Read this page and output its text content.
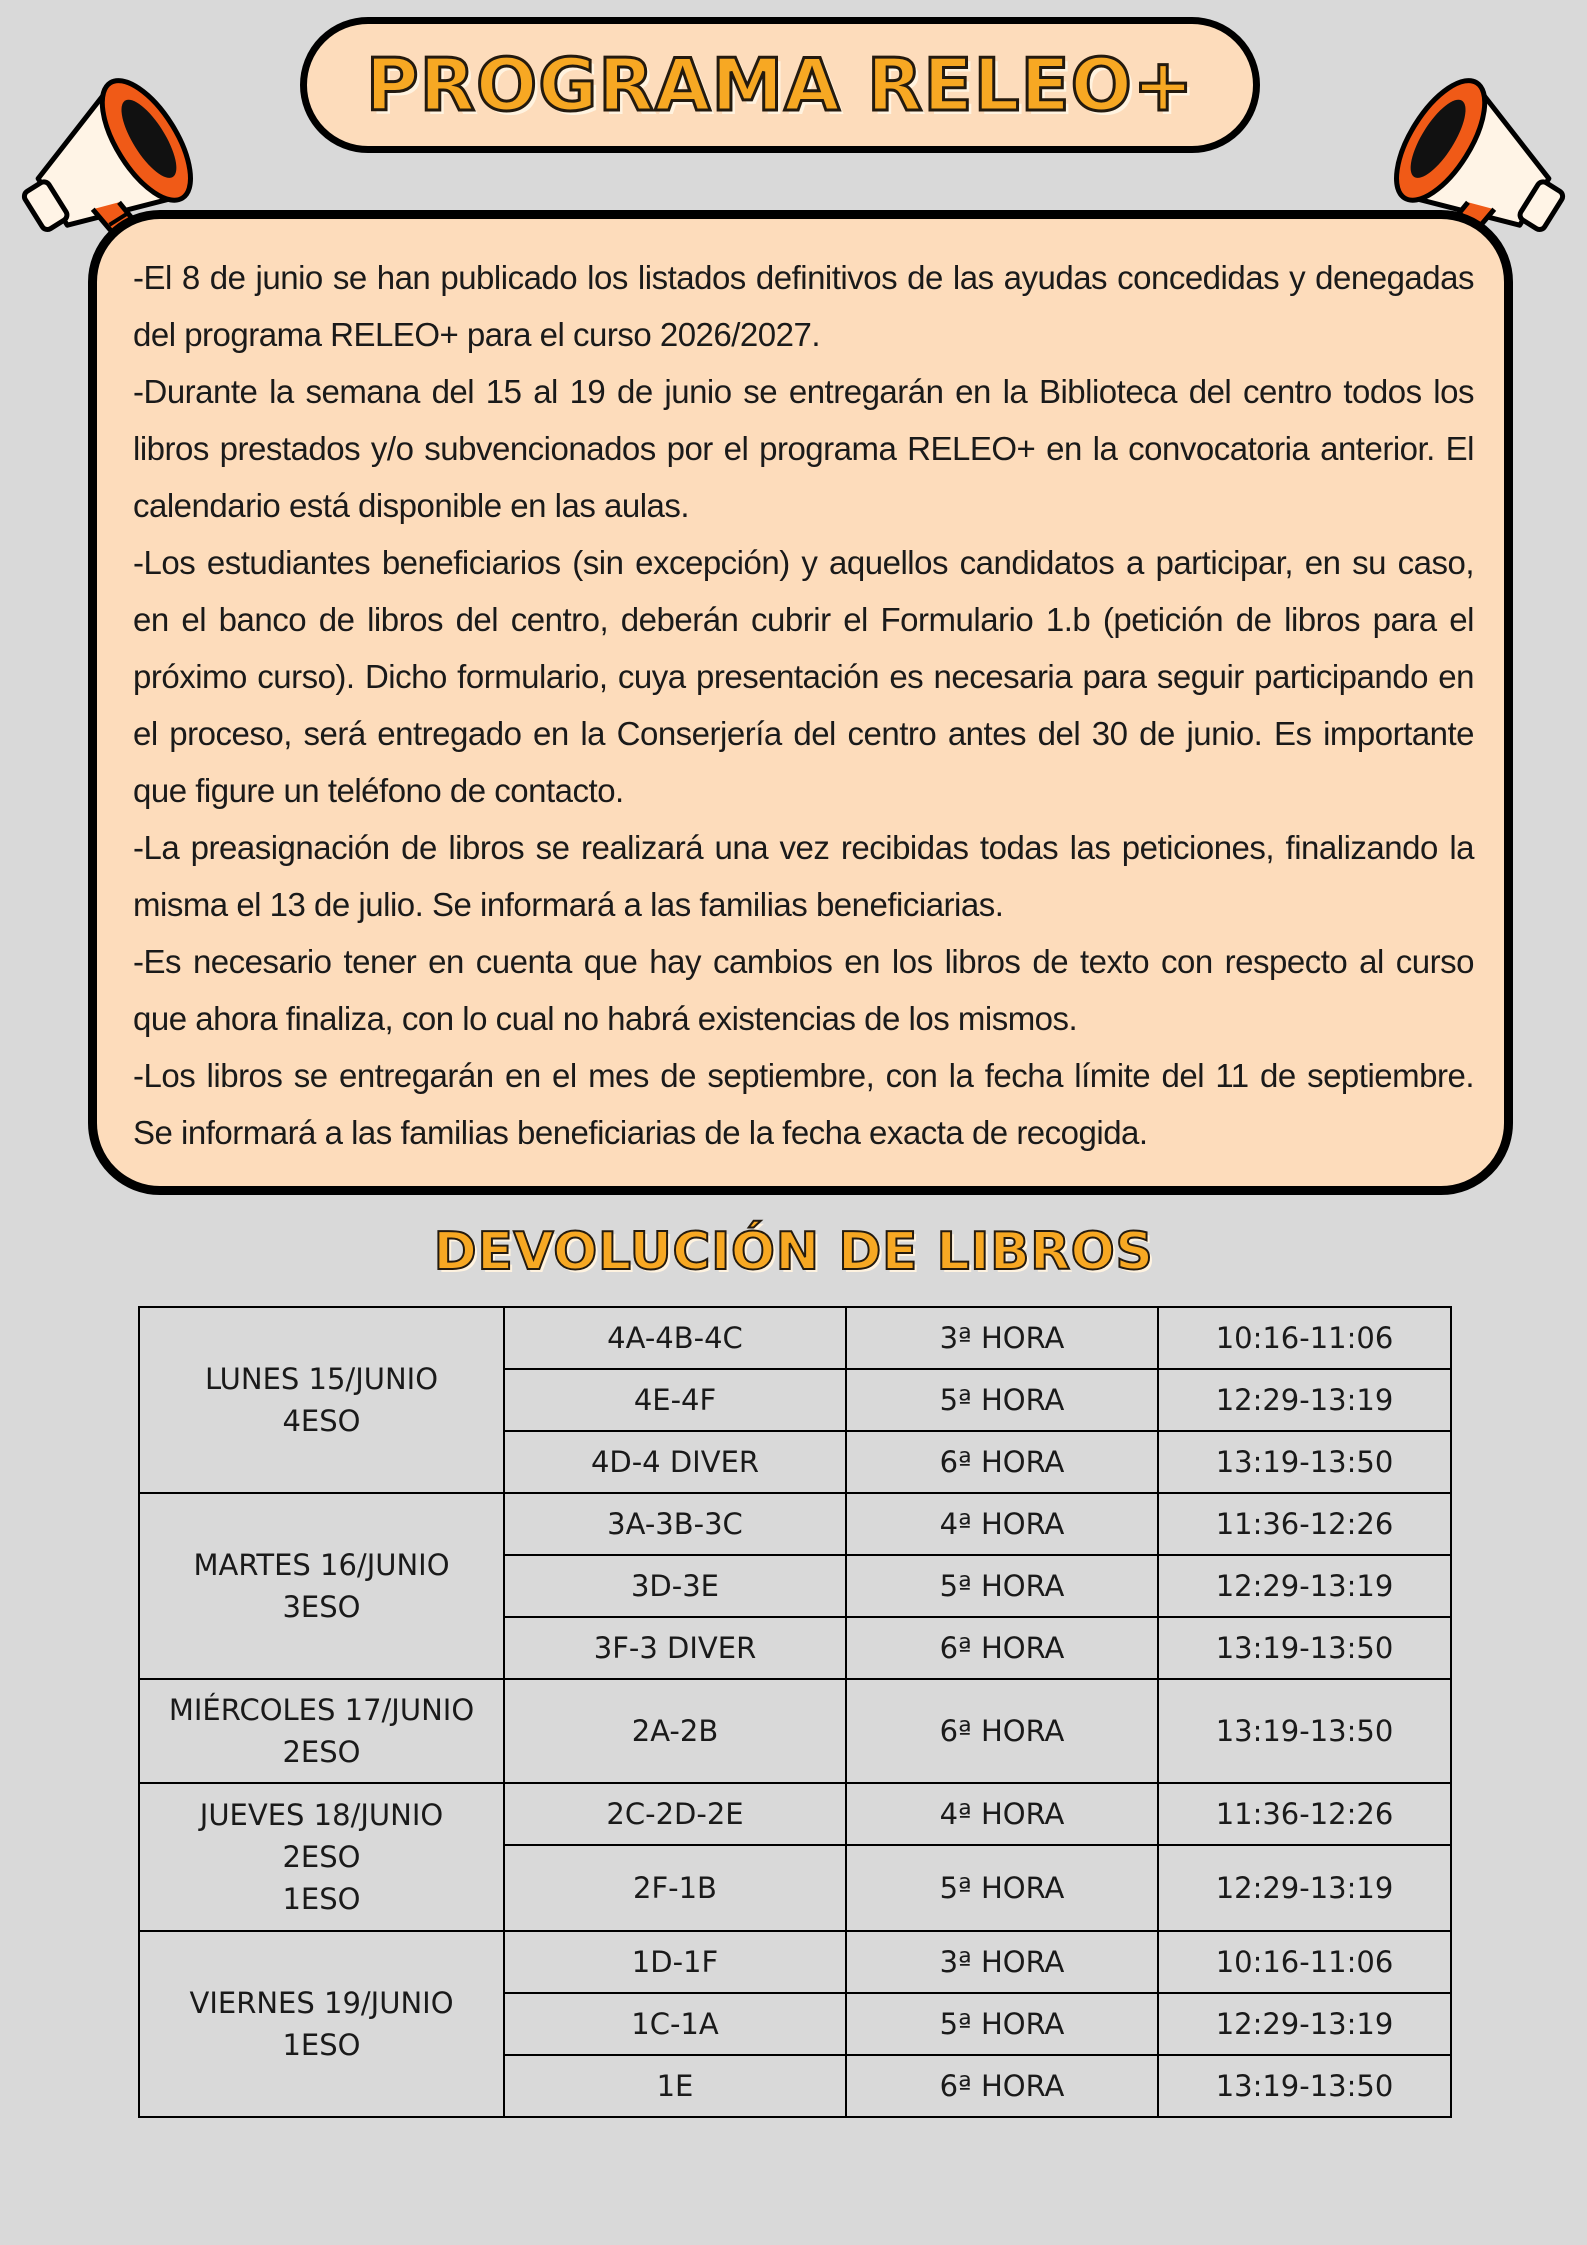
PROGRAMA RELEO+

-El 8 de junio se han publicado los listados definitivos de las ayudas concedidas y denegadas del programa RELEO+ para el curso 2026/2027.

-Durante la semana del 15 al 19 de junio se entregarán en la Biblioteca del centro todos los libros prestados y/o subvencionados por el programa RELEO+ en la convocatoria anterior. El calendario está disponible en las aulas.

-Los estudiantes beneficiarios (sin excepción) y aquellos candidatos a participar, en su caso, en el banco de libros del centro, deberán cubrir el Formulario 1.b (petición de libros para el próximo curso). Dicho formulario, cuya presentación es necesaria para seguir participando en el proceso, será entregado en la Conserjería del centro antes del 30 de junio. Es importante que figure un teléfono de contacto.

-La preasignación de libros se realizará una vez recibidas todas las peticiones, finalizando la misma el 13 de julio. Se informará a las familias beneficiarias.

-Es necesario tener en cuenta que hay cambios en los libros de texto con respecto al curso que ahora finaliza, con lo cual no habrá existencias de los mismos.

-Los libros se entregarán en el mes de septiembre, con la fecha límite del 11 de septiembre. Se informará a las familias beneficiarias de la fecha exacta de recogida.

DEVOLUCIÓN DE LIBROS
LUNES 15/JUNIO
4ESO	4A-4B-4C	3ª HORA	10:16-11:06
	4E-4F	5ª HORA	12:29-13:19
	4D-4 DIVER	6ª HORA	13:19-13:50

MARTES 16/JUNIO
3ESO	3A-3B-3C	4ª HORA	11:36-12:26
	3D-3E	5ª HORA	12:29-13:19
	3F-3 DIVER	6ª HORA	13:19-13:50

MIÉRCOLES 17/JUNIO
2ESO	2A-2B	6ª HORA	13:19-13:50

JUEVES 18/JUNIO
2ESO
1ESO	2C-2D-2E	4ª HORA	11:36-12:26
	2F-1B	5ª HORA	12:29-13:19

VIERNES 19/JUNIO
1ESO	1D-1F	3ª HORA	10:16-11:06
	1C-1A	5ª HORA	12:29-13:19
	1E	6ª HORA	13:19-13:50
